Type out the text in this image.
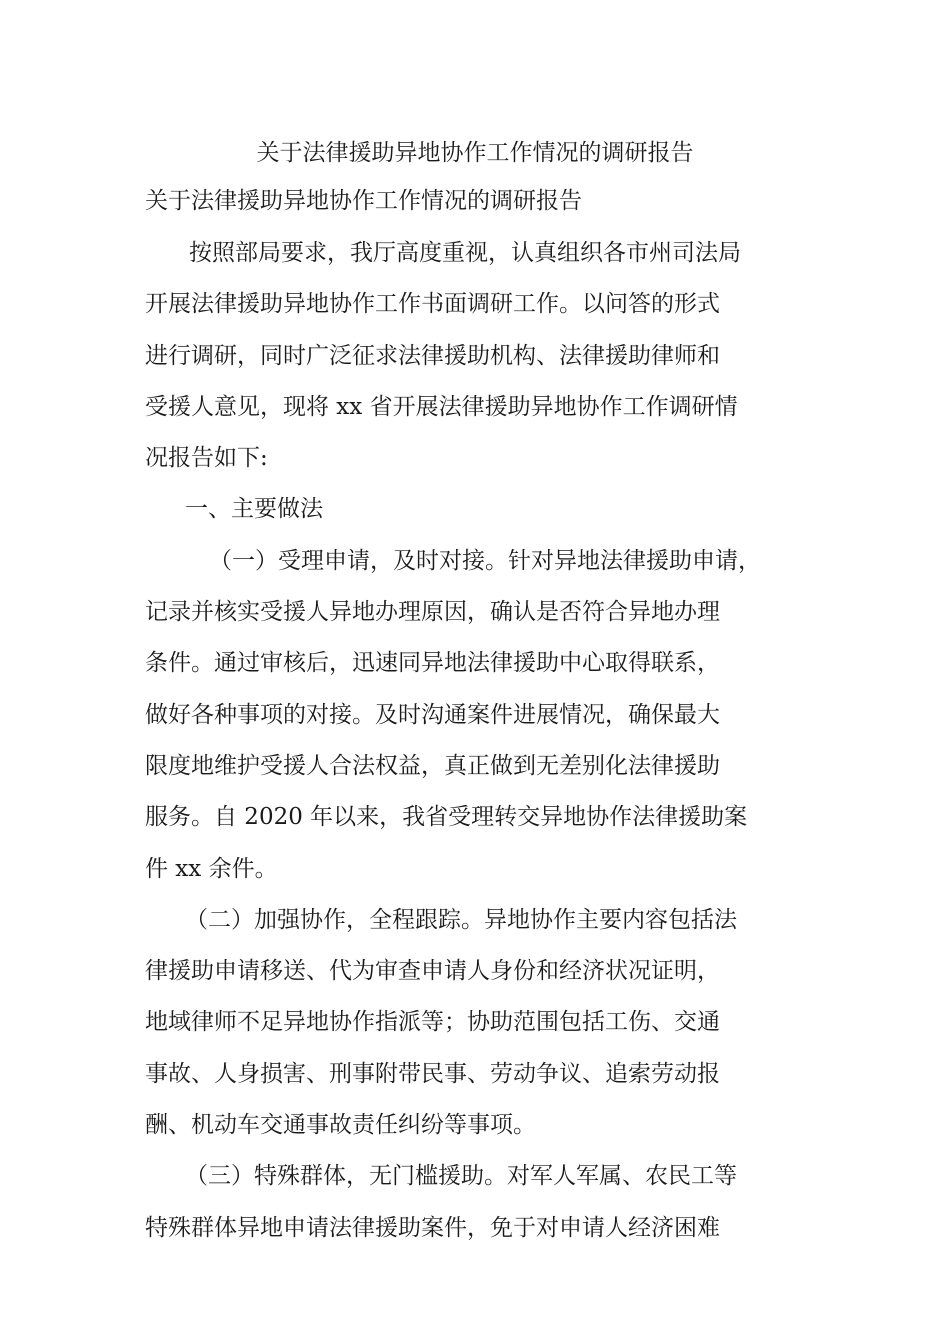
关于法律援助异地协作工作情况的调研报告
关于法律援助异地协作工作情况的调研报告
按照部局要求，我厅高度重视，认真组织各市州司法局
开展法律援助异地协作工作书面调研工作。以问答的形式
进行调研，同时广泛征求法律援助机构、法律援助律师和
受援人意见，现将 xx 省开展法律援助异地协作工作调研情
况报告如下:
一、主要做法
（一）受理申请，及时对接。针对异地法律援助申请，
记录并核实受援人异地办理原因，确认是否符合异地办理
条件。通过审核后，迅速同异地法律援助中心取得联系，
做好各种事项的对接。及时沟通案件进展情况，确保最大
限度地维护受援人合法权益，真正做到无差别化法律援助
服务。自 2020 年以来，我省受理转交异地协作法律援助案
件 xx 余件。
（二）加强协作，全程跟踪。异地协作主要内容包括法
律援助申请移送、代为审查申请人身份和经济状况证明，
地域律师不足异地协作指派等；协助范围包括工伤、交通
事故、人身损害、刑事附带民事、劳动争议、追索劳动报
酬、机动车交通事故责任纠纷等事项。
（三）特殊群体，无门槛援助。对军人军属、农民工等
特殊群体异地申请法律援助案件，免于对申请人经济困难
